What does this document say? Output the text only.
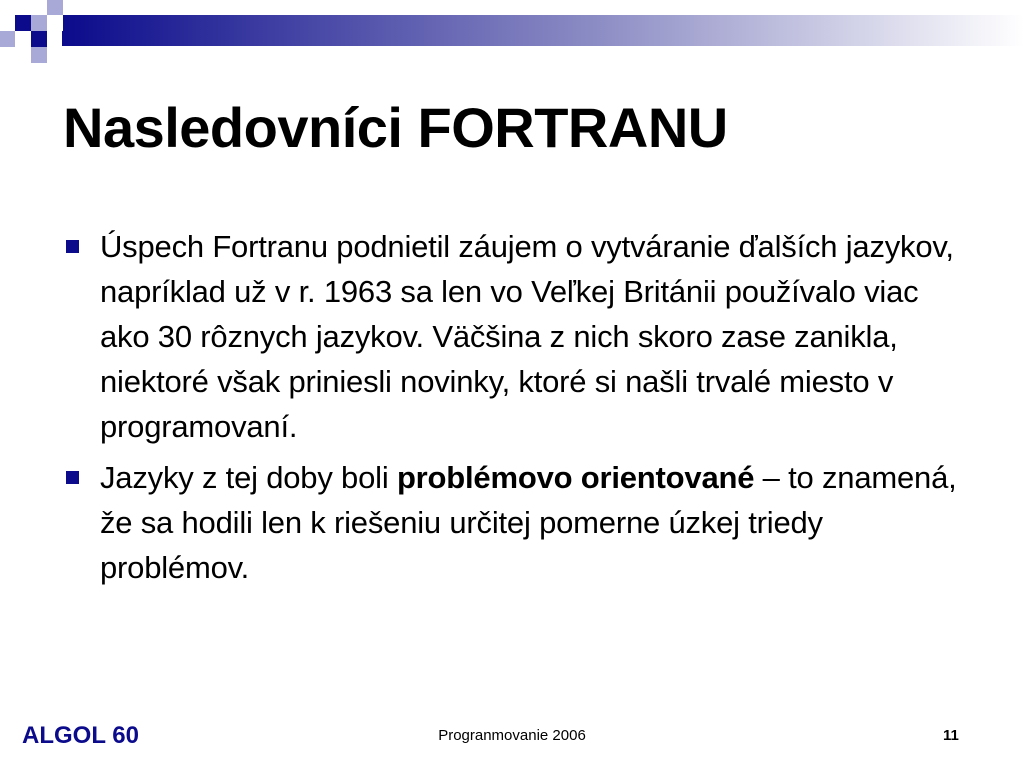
Nasledovníci FORTRANU
Úspech Fortranu podnietil záujem o vytváranie ďalších jazykov, napríklad už v r. 1963 sa len vo Veľkej Británii používalo viac ako 30 rôznych jazykov. Väčšina z nich skoro zase zanikla, niektoré však priniesli novinky, ktoré si našli trvalé miesto v programovaní.
Jazyky z tej doby boli problémovo orientované – to znamená, že sa hodili len k riešeniu určitej pomerne úzkej triedy problémov.
ALGOL 60	Progranmovanie 2006	11
